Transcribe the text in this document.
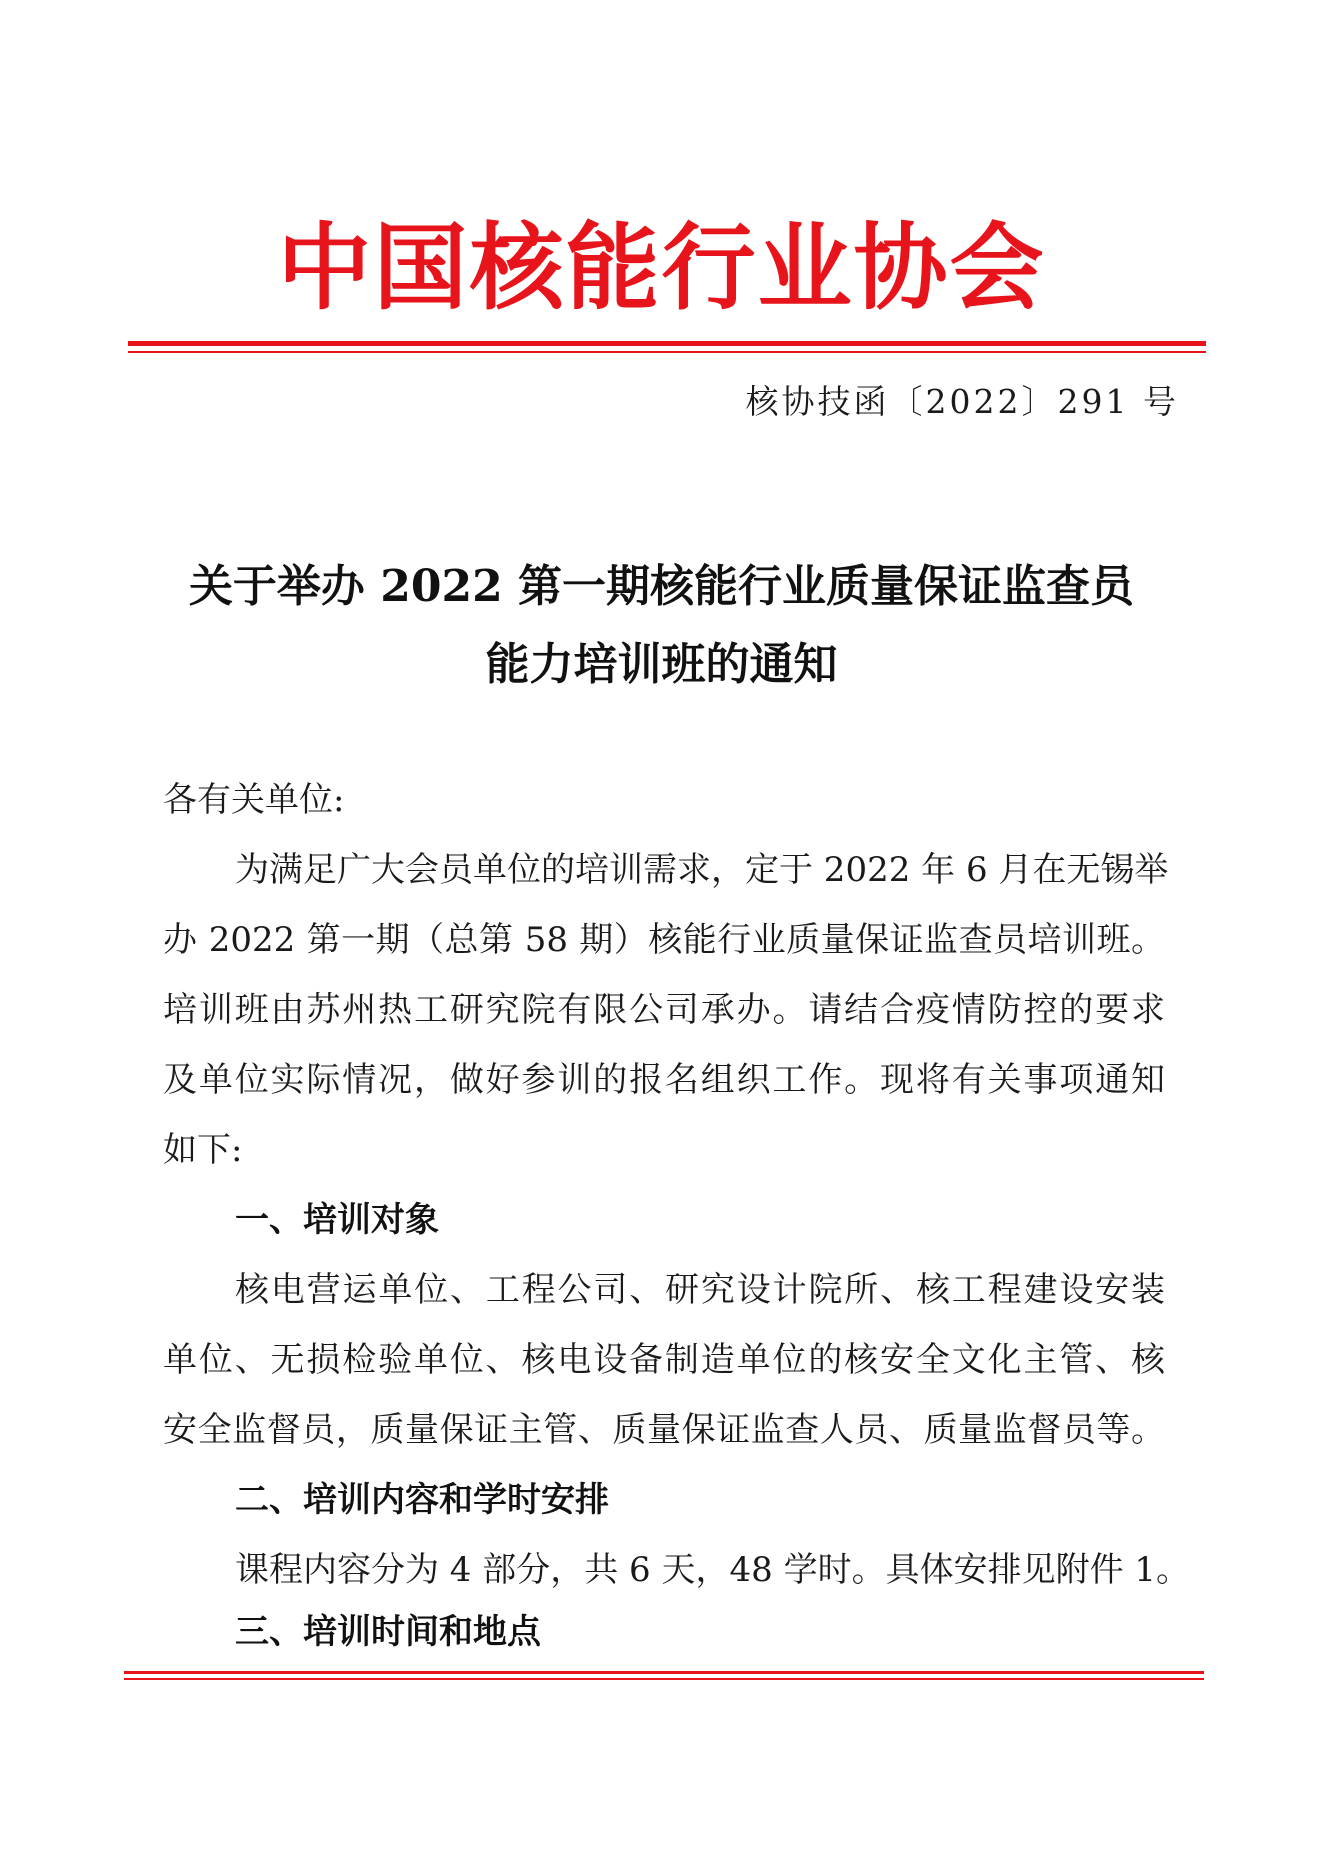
中国核能行业协会
核协技函〔2022〕291 号
关于举办 2022 第一期核能行业质量保证监查员
能力培训班的通知
各有关单位:
为满足广大会员单位的培训需求，定于 2022 年 6 月在无锡举
办 2022 第一期（总第 58 期）核能行业质量保证监查员培训班。
培训班由苏州热工研究院有限公司承办。请结合疫情防控的要求
及单位实际情况，做好参训的报名组织工作。现将有关事项通知
如下:
一、培训对象
核电营运单位、工程公司、研究设计院所、核工程建设安装
单位、无损检验单位、核电设备制造单位的核安全文化主管、核
安全监督员，质量保证主管、质量保证监查人员、质量监督员等。
二、培训内容和学时安排
课程内容分为 4 部分，共 6 天，48 学时。具体安排见附件 1。
三、培训时间和地点
